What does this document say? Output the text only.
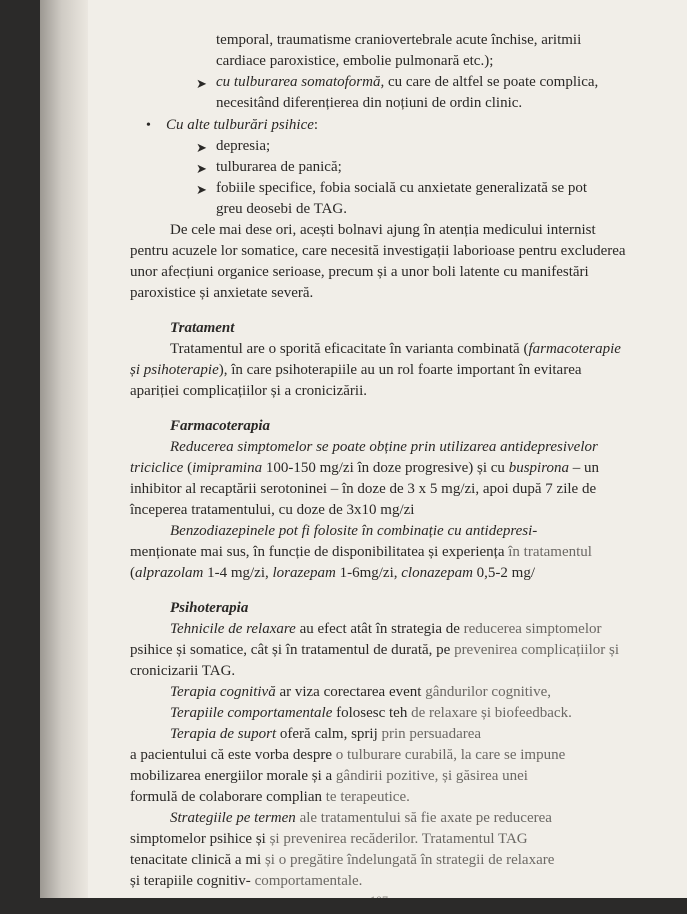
temporal, traumatisme craniovertebrale acute închise, aritmii
cardiace paroxistice, embolie pulmonară etc.);
➤ cu tulburarea somatoformă, cu care de altfel se poate complica,
necesitând diferențierea din noțiuni de ordin clinic.
• Cu alte tulburări psihice:
➤ depresia;
➤ tulburarea de panică;
➤ fobiile specifice, fobia socială cu anxietate generalizată se pot
greu deosebi de TAG.
De cele mai dese ori, acești bolnavi ajung în atenția medicului internist
pentru acuzele lor somatice, care necesită investigații laborioase pentru excluderea
unor afecțiuni organice serioase, precum și a unor boli latente cu manifestări
paroxistice și anxietate severă.
Tratament
Tratamentul are o sporită eficacitate în varianta combinată (farmacoterapie
și psihoterapie), în care psihoterapiile au un rol foarte important în evitarea
apariției complicațiilor și a cronicizării.
Farmacoterapia
Reducerea simptomelor se poate obține prin utilizarea antidepresivelor
triciclice (imipramina 100-150 mg/zi în doze progresive) și cu buspirona – un
inhibitor al recaptării serotoninei – în doze de 3 x 5 mg/zi, apoi după 7 zile de
începerea tratamentului, cu doze de 3x10 mg/zi
Benzodiazepinele pot fi folosite în combinație cu antidepresi-
menționate mai sus, în funcție de disponibilitatea și experiența în tratamentul
(alprazolam 1-4 mg/zi, lorazepam 1-6mg/zi, clonazepam 0,5-2 mg/
Psihoterapia
Tehnicile de relaxare au efect atât în strategia de reducerea simptomelor
psihice și somatice, cât și în tratamentul de durată, pe prevenirea complicațiilor și
cronicizarii TAG.
Terapia cognitivă ar viza corectarea event gândurilor cognitive,
Terapiile comportamentale folosesc teh de relaxare și biofeedback.
Terapia de suport oferă calm, sprij prin persuadarea
a pacientului că este vorba despre o tulburare curabilă, la care se impune
mobilizarea energiilor morale și a gândirii pozitive, și găsirea unei
formulă de colaborare complian te terapeutice.
Strategiile pe termen ale tratamentului să fie axate pe reducerea
simptomelor psihice și și prevenirea recăderilor. Tratamentul TAG
tenacitate clinică a mi și o pregătire îndelungată în strategii de relaxare
și terapiile cognitiv- comportamentale.
